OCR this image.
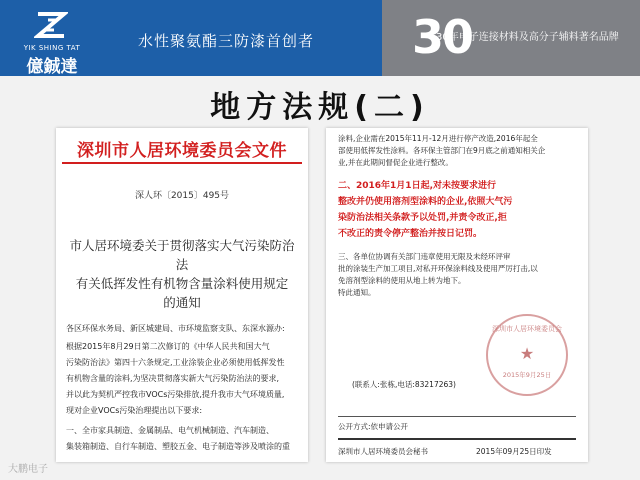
YIK SHING TAT
億鋮達
水性聚氨酯三防漆首创者 30
30年电子连接材料及高分子辅料著名品牌
地方法规(二)
深圳市人居环境委员会文件
深人环〔2015〕495号
市人居环境委关于贯彻落实大气污染防治法
有关低挥发性有机物含量涂料使用规定
的通知
各区环保水务局、新区城建局、市环境监察支队、东深水源办:
根据2015年8月29日第二次修订的《中华人民共和国大气
污染防治法》第四十六条规定,工业涂装企业必须使用低挥发性
有机物含量的涂料,为坚决贯彻落实新大气污染防治法的要求,
并以此为契机严控我市VOCs污染排放,提升我市大气环境质量,
现对企业VOCs污染治理提出以下要求:
一、全市家具制造、金属制品、电气机械制造、汽车制造、
集装箱制造、自行车制造、塑胶五金、电子制造等涉及喷涂的重
涂料,企业需在2015年11月-12月进行停产改造,2016年起全
部使用低挥发性涂料。各环保主管部门在9月底之前通知相关企
业,并在此期间督促企业进行整改。
二、2016年1月1日起,对未按要求进行
整改并仍使用溶剂型涂料的企业,依照大气污
染防治法相关条款予以处罚,并责令改正,拒
不改正的责令停产整治并按日记罚。
三、各单位协调有关部门违章使用无限及未经环评审
批的涂装生产加工项目,对私开环保涂料线及使用严厉打击,以
免溶剂型涂料的使用从地上转为地下。
特此通知。
深圳市人居环境委员会
★
2015年9月25日
(联系人:张栋,电话:83217263)
公开方式:依申请公开
深圳市人居环境委员会秘书	2015年09月25日印发
大鹏电子
